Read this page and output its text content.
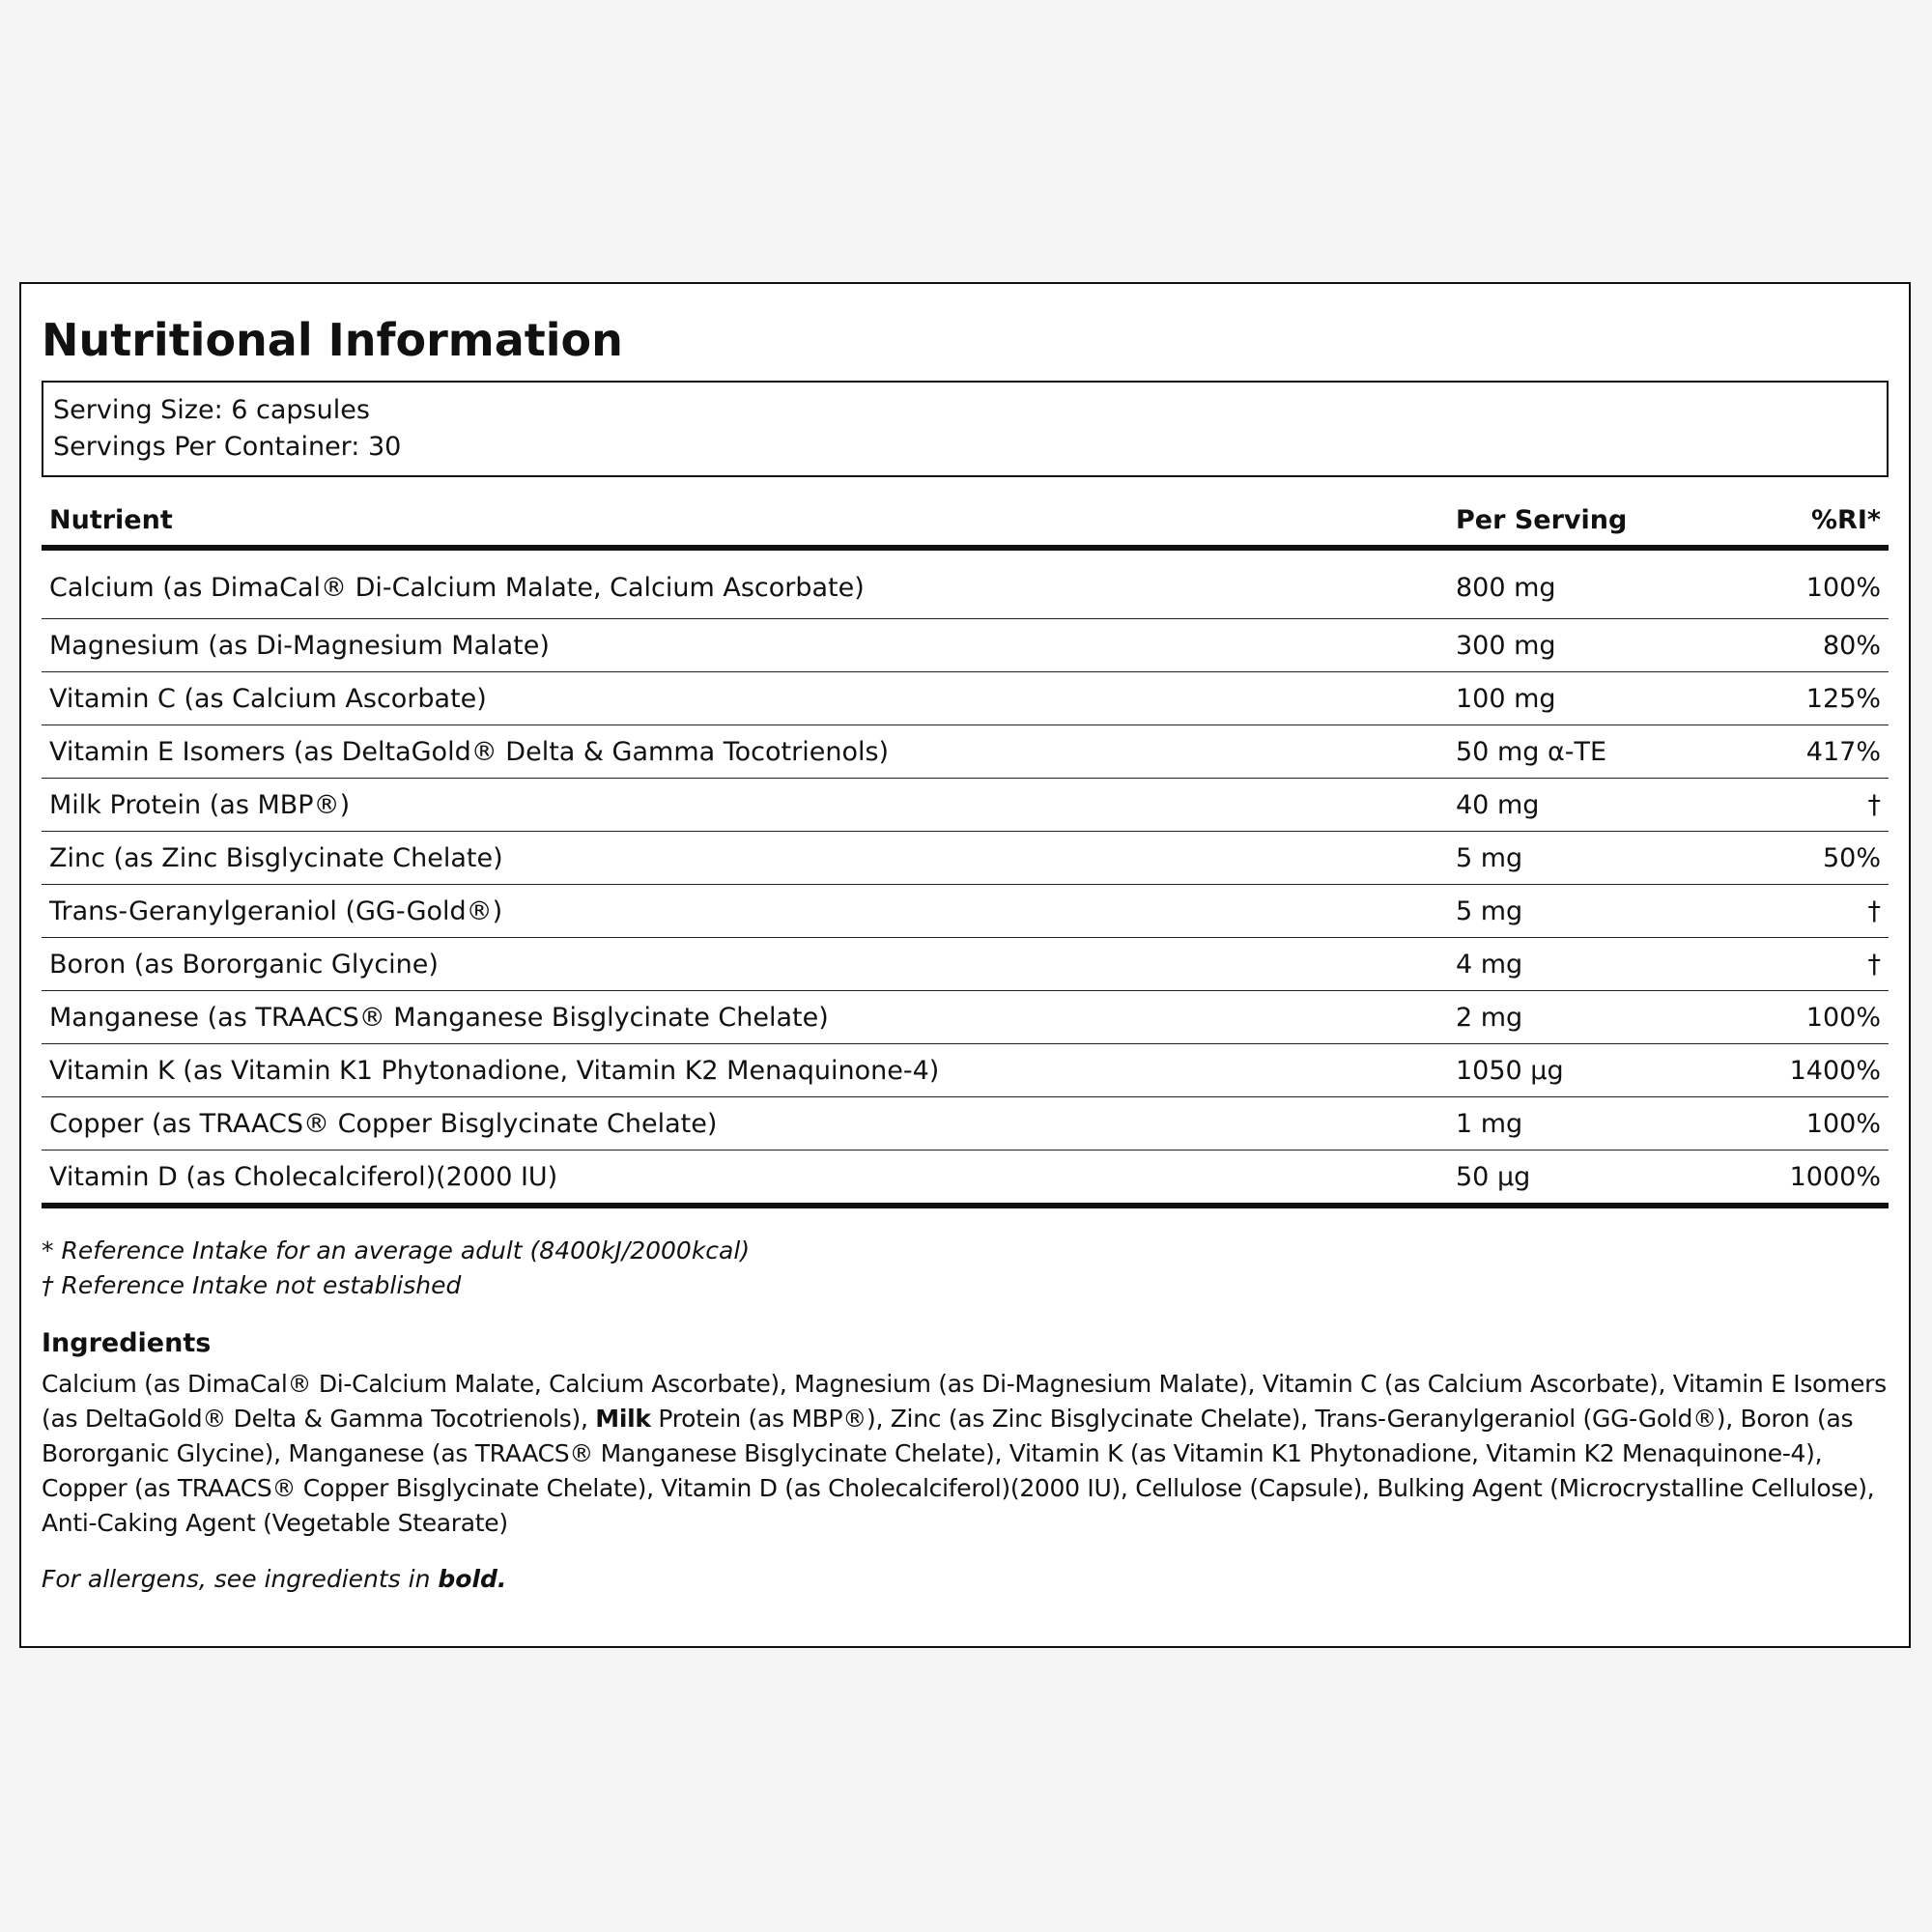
Nutritional Information
Serving Size: 6 capsules
Servings Per Container: 30
Nutrient	Per Serving	%RI*
Calcium (as DimaCal® Di-Calcium Malate, Calcium Ascorbate)	800 mg	100%
Magnesium (as Di-Magnesium Malate)	300 mg	80%
Vitamin C (as Calcium Ascorbate)	100 mg	125%
Vitamin E Isomers (as DeltaGold® Delta & Gamma Tocotrienols)	50 mg α-TE	417%
Milk Protein (as MBP®)	40 mg	†
Zinc (as Zinc Bisglycinate Chelate)	5 mg	50%
Trans-Geranylgeraniol (GG-Gold®)	5 mg	†
Boron (as Bororganic Glycine)	4 mg	†
Manganese (as TRAACS® Manganese Bisglycinate Chelate)	2 mg	100%
Vitamin K (as Vitamin K1 Phytonadione, Vitamin K2 Menaquinone-4)	1050 µg	1400%
Copper (as TRAACS® Copper Bisglycinate Chelate)	1 mg	100%
Vitamin D (as Cholecalciferol)(2000 IU)	50 µg	1000%
* Reference Intake for an average adult (8400kJ/2000kcal)
† Reference Intake not established
Ingredients
Calcium (as DimaCal® Di-Calcium Malate, Calcium Ascorbate), Magnesium (as Di-Magnesium Malate), Vitamin C (as Calcium Ascorbate), Vitamin E Isomers (as DeltaGold® Delta & Gamma Tocotrienols), Milk Protein (as MBP®), Zinc (as Zinc Bisglycinate Chelate), Trans-Geranylgeraniol (GG-Gold®), Boron (as Bororganic Glycine), Manganese (as TRAACS® Manganese Bisglycinate Chelate), Vitamin K (as Vitamin K1 Phytonadione, Vitamin K2 Menaquinone-4), Copper (as TRAACS® Copper Bisglycinate Chelate), Vitamin D (as Cholecalciferol)(2000 IU), Cellulose (Capsule), Bulking Agent (Microcrystalline Cellulose), Anti-Caking Agent (Vegetable Stearate)
For allergens, see ingredients in bold.
